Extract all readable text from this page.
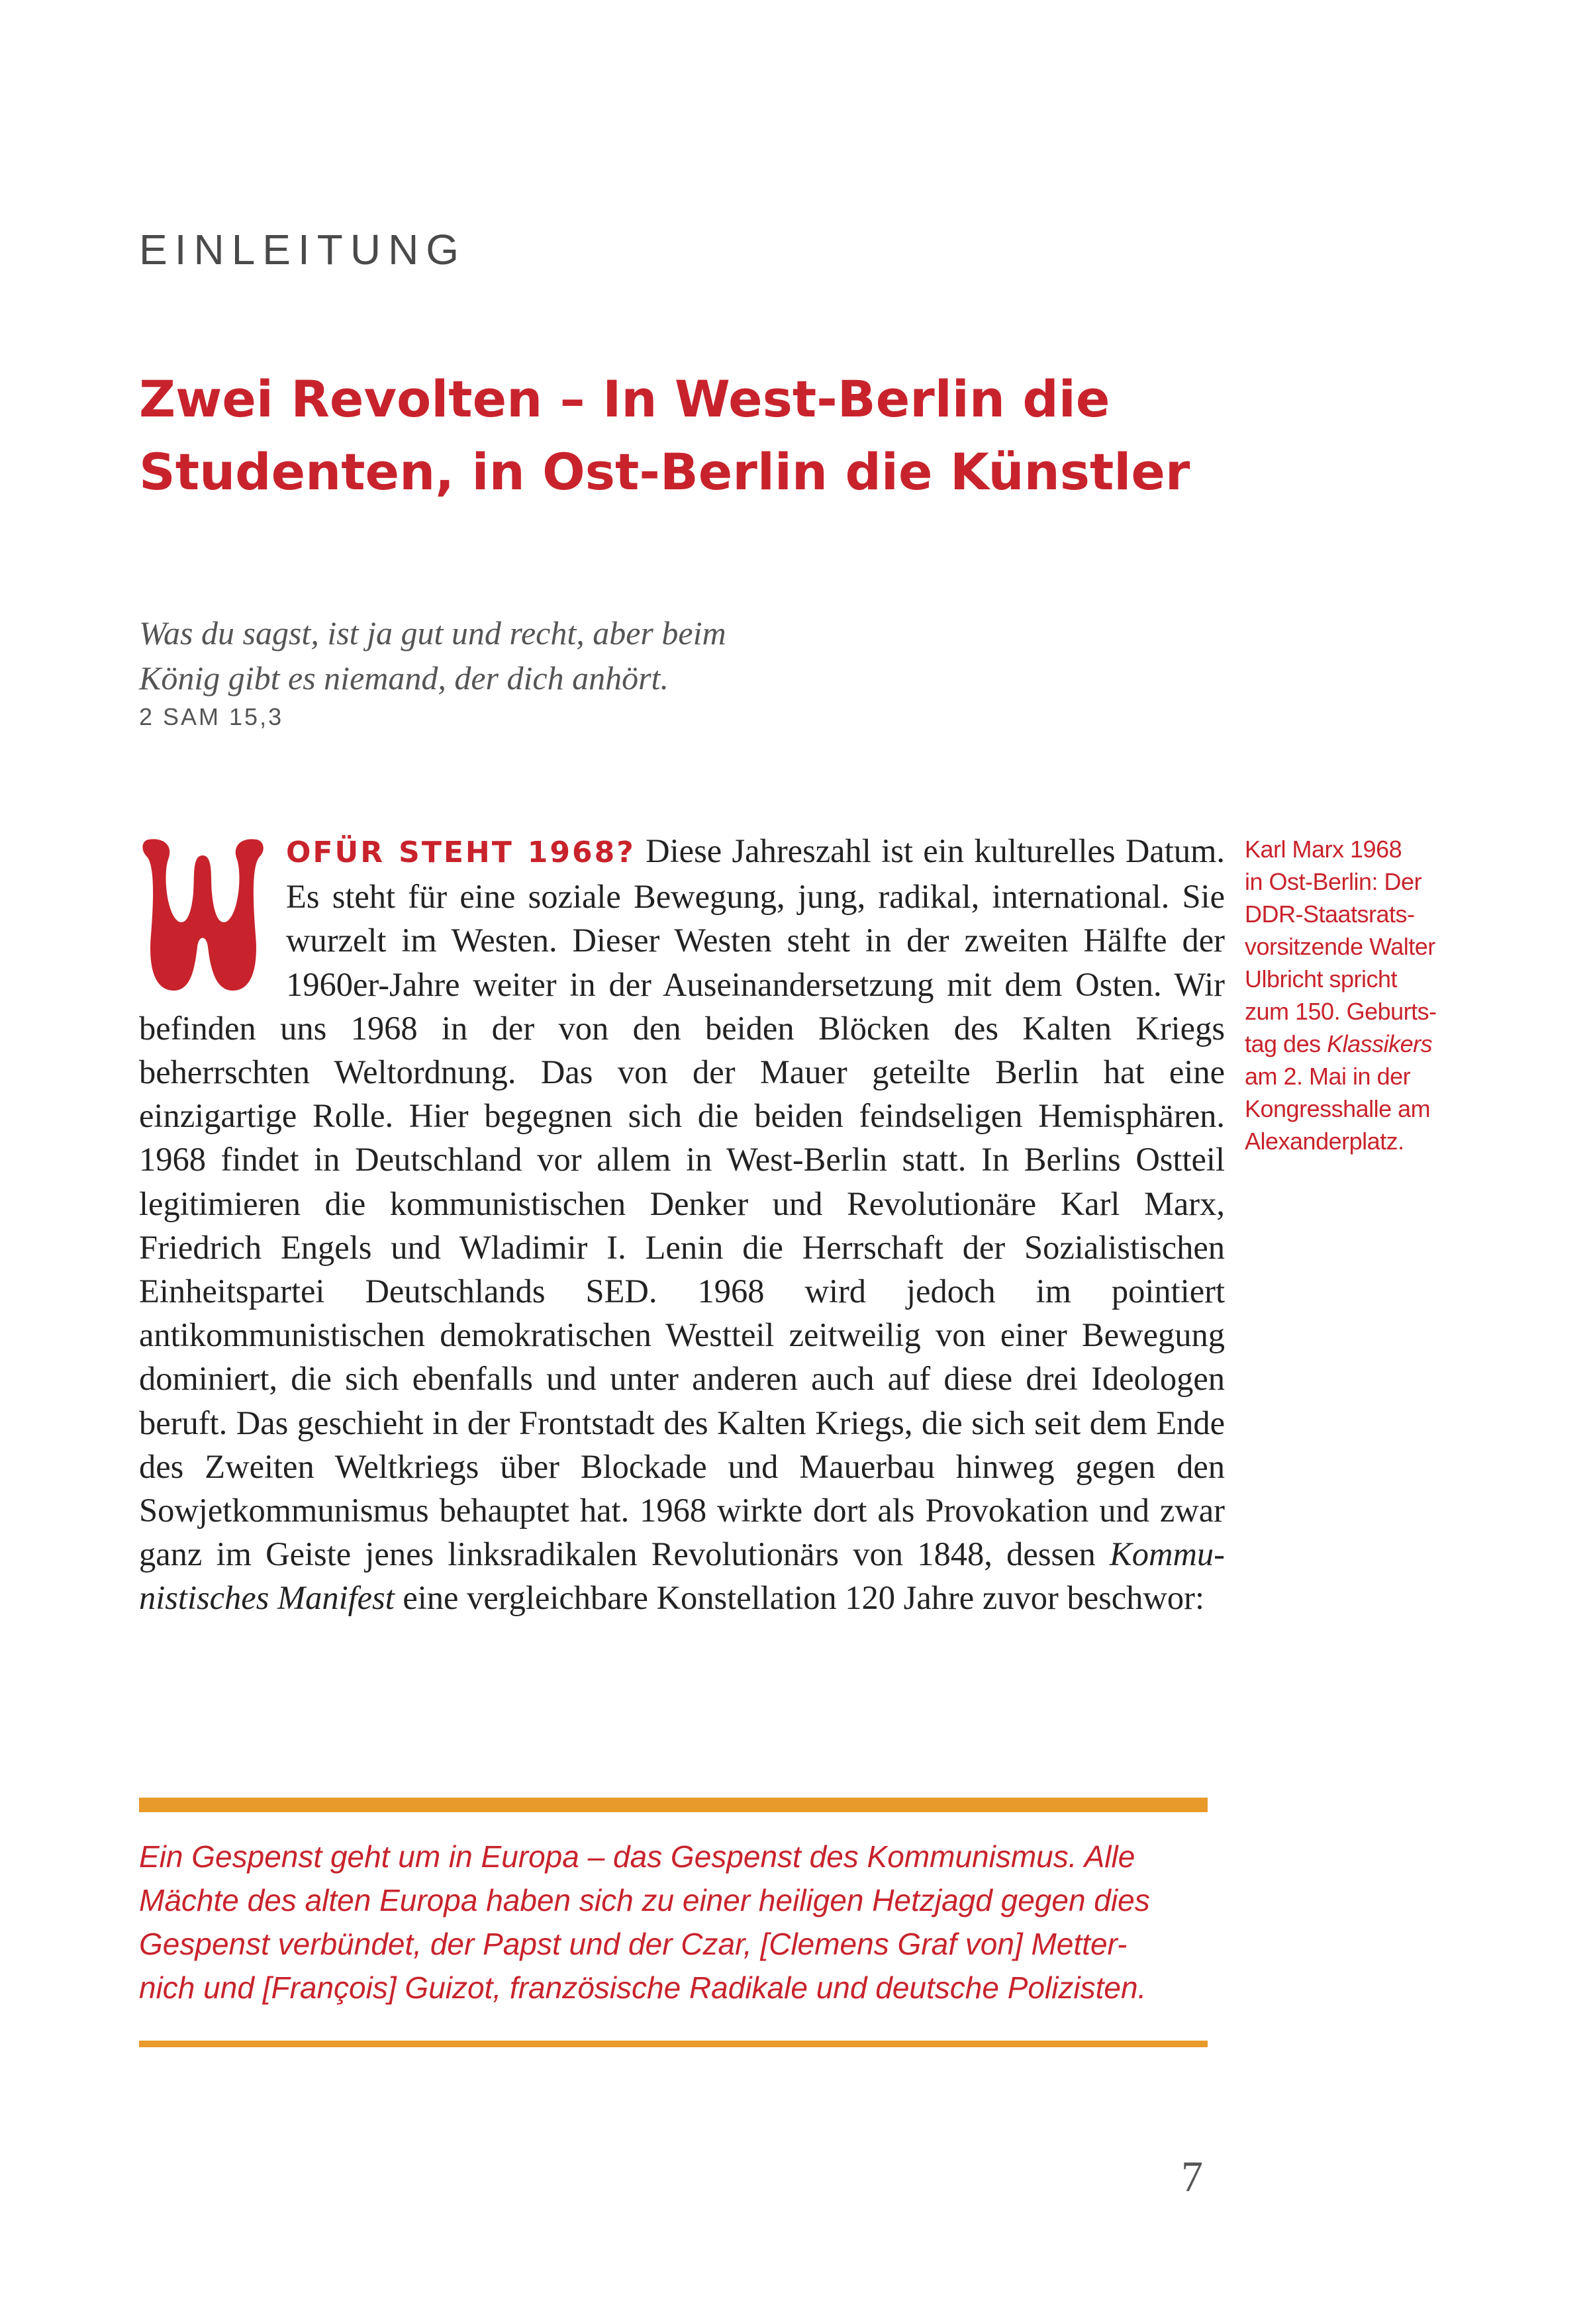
EINLEITUNG
Zwei Revolten – In West-Berlin die
Studenten, in Ost-Berlin die Künstler
Was du sagst, ist ja gut und recht, aber beim
König gibt es niemand, der dich anhört.
2 SAM 15,3

OFÜR STEHT 1968? Diese Jahreszahl ist ein kulturelles Datum. Es steht für eine soziale Bewegung, jung, radikal, international. Sie wurzelt im Westen. Dieser Westen steht in der zweiten Hälfte der 1960er-Jahre weiter in der Auseinandersetzung mit dem Osten. Wir befinden uns 1968 in der von den beiden Blöcken des Kalten Kriegs beherrschten Weltordnung. Das von der Mauer geteilte Berlin hat eine einzigartige Rolle. Hier begegnen sich die beiden feindseligen Hemisphären. 1968 findet in Deutschland vor allem in West-Berlin statt. In Berlins Ostteil legitimieren die kommunistischen Denker und Revolutionäre Karl Marx, Friedrich Engels und Wladimir I. Lenin die Herrschaft der Sozialistischen Einheitspartei Deutschlands SED. 1968 wird jedoch im pointiert antikommunistischen demokratischen Westteil zeitweilig von einer Bewegung dominiert, die sich ebenfalls und unter anderen auch auf diese drei Ideologen beruft. Das geschieht in der Frontstadt des Kalten Kriegs, die sich seit dem Ende des Zweiten Weltkriegs über Blockade und Mauerbau hinweg gegen den Sowjetkommunismus behauptet hat. 1968 wirkte dort als Provokation und zwar ganz im Geiste jenes linksradikalen Revolutionärs von 1848, dessen Kommunistisches Manifest eine vergleichbare Konstellation 120 Jahre zuvor beschwor:

Karl Marx 1968
in Ost-Berlin: Der
DDR-Staatsrats-
vorsitzende Walter
Ulbricht spricht
zum 150. Geburts-
tag des Klassikers
am 2. Mai in der
Kongresshalle am
Alexanderplatz.
Ein Gespenst geht um in Europa – das Gespenst des Kommunismus. Alle
Mächte des alten Europa haben sich zu einer heiligen Hetzjagd gegen dies
Gespenst verbündet, der Papst und der Czar, [Clemens Graf von] Metter-
nich und [François] Guizot, französische Radikale und deutsche Polizisten.
7
